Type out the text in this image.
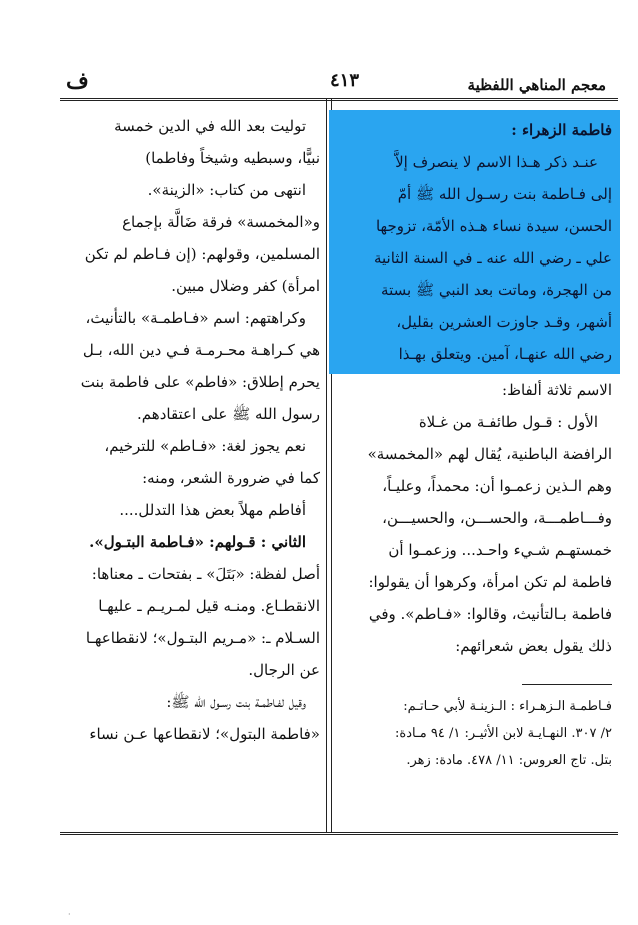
معجم المناهي اللفظية
٤١٣
ف
فاطمة الزهراء :
عنـد ذكر هـذا الاسم لا ينصرف إلاَّ
إلى فـاطمة بنت رسـول الله ﷺ أمّ
الحسن، سيدة نساء هـذه الأمّة، تزوجها
علي ـ رضي الله عنه ـ في السنة الثانية
من الهجرة، وماتت بعد النبي ﷺ بستة
أشهر، وقـد جاوزت العشرين بقليل،
رضي الله عنهـا، آمين. ويتعلق بهـذا
الاسم ثلاثة ألفاظ:
الأول : قـول طائفـة من غـلاة
الرافضة الباطنية، يُقال لهم «المخمسة»
وهم الـذين زعمـوا أن: محمداً، وعليـاً،
وفـــاطمـــة، والحســـن، والحسيـــن،
خمستهـم شـيء واحـد... وزعمـوا أن
فاطمة لم تكن امرأة، وكرهوا أن يقولوا:
فاطمة بـالتأنيث، وقالوا: «فـاطم». وفي
ذلك يقول بعض شعرائهم:
فـاطمـة الـزهـراء : الـزينـة لأبي حـاتـم:
٢/ ٣٠٧. النهـايـة لابن الأثيـر: ١/ ٩٤ مـادة:
بتل. تاج العروس: ١١/ ٤٧٨. مادة: زهر.
توليت بعد الله في الدين خمسة
نبيًّا، وسبطيه وشيخاً وفاطما)
انتهى من كتاب: «الزينة».
و«المخمسة» فرقة ضَالَّة بإجماع
المسلمين، وقولهم: (إن فـاطم لم تكن
امرأة) كفر وضلال مبين.
وكراهتهم: اسم «فـاطمـة» بالتأنيث،
هي كـراهـة محـرمـة فـي دين الله، بـل
يحرم إطلاق: «فاطم» على فاطمة بنت
رسول الله ﷺ على اعتقادهم.
نعم يجوز لغة: «فـاطم» للترخيم،
كما في ضرورة الشعر، ومنه:
أفاطم مهلاً بعض هذا التدلل....
الثاني : قـولهم: «فـاطمة البتـول».
أصل لفظة: «بَتَلَ» ـ بفتحات ـ معناها:
الانقطـاع. ومنـه قيل لمـريـم ـ عليهـا
السـلام ـ: «مـريم البتـول»؛ لانقطاعهـا
عن الرجال.
وقيل لفـاطمـة بنت رسـول الله ﷺ:
«فاطمة البتول»؛ لانقطاعها عـن نساء
·
